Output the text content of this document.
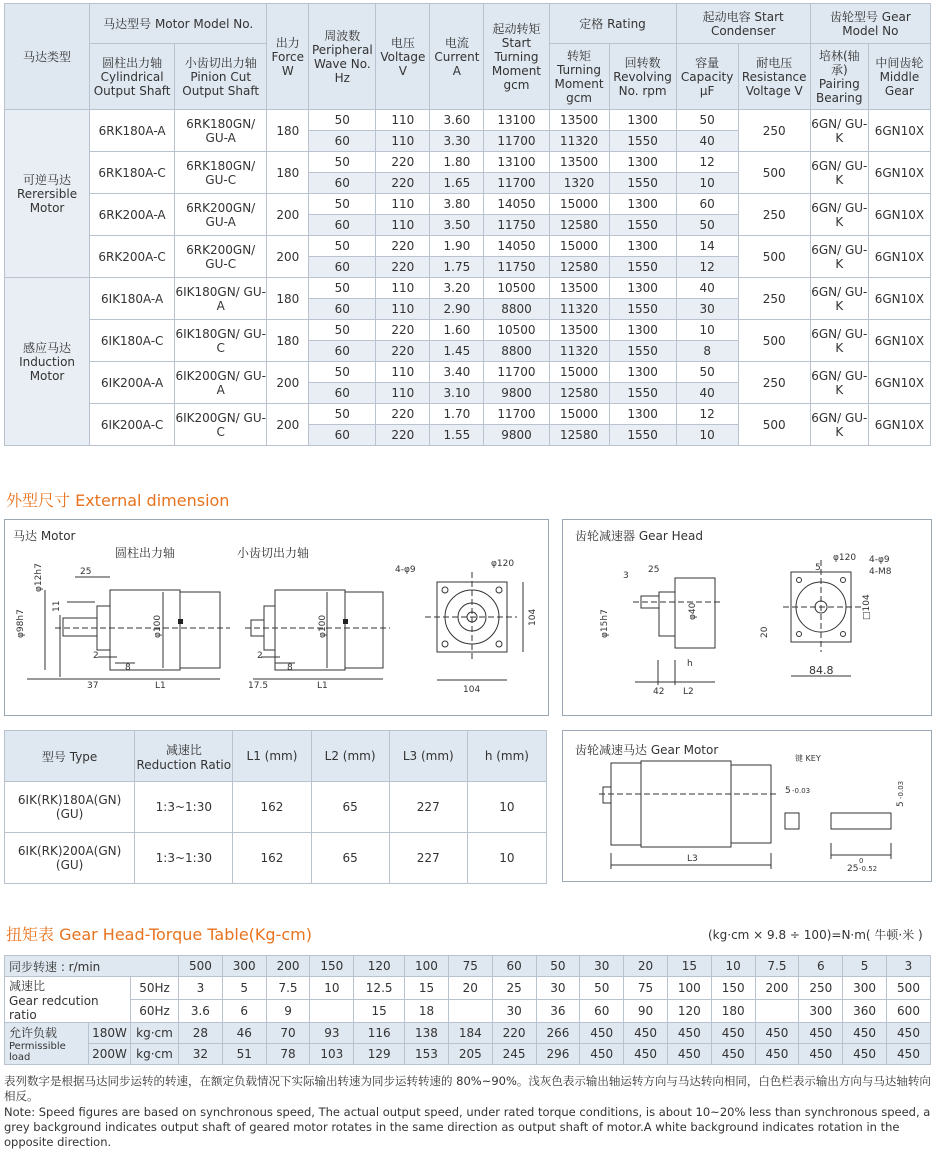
马达类型	马达型号 Motor Model No.		出力 Force W	周波数 Peripheral Wave No. Hz	电压 Voltage V	电流 Current A	起动转矩 Start Turning Moment gcm	定格 Rating		起动电容 Start Condenser		齿轮型号 Gear Model No	
	圆柱出力轴 Cylindrical Output Shaft	小齿切出力轴 Pinion Cut Output Shaft						转矩 Turning Moment gcm	回转数 Revolving No. rpm	容量 Capacity μF	耐电压 Resistance Voltage V	培林(轴承) Pairing Bearing	中间齿轮 Middle Gear
可逆马达 Rerersible Motor	6RK180A-A	6RK180GN/ GU-A	180	50	110	3.60	13100	13500	1300	50	250	6GN/ GU-K	6GN10X
				60	110	3.30	11700	11320	1550	40			
	6RK180A-C	6RK180GN/ GU-C	180	50	220	1.80	13100	13500	1300	12	500	6GN/ GU-K	6GN10X
				60	220	1.65	11700	1320	1550	10			
	6RK200A-A	6RK200GN/ GU-A	200	50	110	3.80	14050	15000	1300	60	250	6GN/ GU-K	6GN10X
				60	110	3.50	11750	12580	1550	50			
	6RK200A-C	6RK200GN/ GU-C	200	50	220	1.90	14050	15000	1300	14	500	6GN/ GU-K	6GN10X
				60	220	1.75	11750	12580	1550	12			
感应马达 Induction Motor	6IK180A-A	6IK180GN/ GU-A	180	50	110	3.20	10500	13500	1300	40	250	6GN/ GU-K	6GN10X
				60	110	2.90	8800	11320	1550	30			
	6IK180A-C	6IK180GN/ GU-C	180	50	220	1.60	10500	13500	1300	10	500	6GN/ GU-K	6GN10X
				60	220	1.45	8800	11320	1550	8			
	6IK200A-A	6IK200GN/ GU-A	200	50	110	3.40	11700	15000	1300	50	250	6GN/ GU-K	6GN10X
				60	110	3.10	9800	12580	1550	40			
	6IK200A-C	6IK200GN/ GU-C	200	50	220	1.70	11700	15000	1300	12	500	6GN/ GU-K	6GN10X
				60	220	1.55	9800	12580	1550	10			
外型尺寸 External dimension
马达 Motor
圆柱出力轴	小齿切出力轴
φ12h7
φ98h7
25
11
φ100	φ100
2
8
2
8
37	L1	17.5	L1
4-φ9
φ120
104
104
齿轮减速器 Gear Head
3
25
φ15h7	φ40
h
42 L2
φ120
5
4-φ9
4-M8
□104
20
84.8
型号 Type	减速比 Reduction Ratio	L1 (mm)	L2 (mm)	L3 (mm)	h (mm)
6IK(RK)180A(GN)(GU)	1:3~1:30	162	65	227	10
6IK(RK)200A(GN)(GU)	1:3~1:30	162	65	227	10
齿轮减速马达 Gear Motor
键 KEY
L3
5 -0.03
5
-0.03
25 -0.52
0
扭矩表 Gear Head-Torque Table(Kg-cm)	(kg·cm × 9.8 ÷ 100)=N·m( 牛顿·米 )
同步转速 : r/min			500	300	200	150	120	100	75	60	50	30	20	15	10	7.5	6	5	3

减速比
Gear redcution ratio		50Hz	3	5	7.5	10	12.5	15	20	25	30	50	75	100	150	200	250	300	500
		60Hz	3.6	6	9		15	18		30	36	60	90	120	180		300	360	600

允许负载
Permissible load	180W	kg·cm	28	46	70	93	116	138	184	220	266	450	450	450	450	450	450	450	450
	200W	kg·cm	32	51	78	103	129	153	205	245	296	450	450	450	450	450	450	450	450
表列数字是根据马达同步运转的转速，在额定负载情况下实际输出转速为同步运转转速的 80%~90%。浅灰色表示输出轴运转方向与马达转向相同，白色栏表示输出方向与马达轴转向相反。
Note: Speed figures are based on synchronous speed, The actual output speed, under rated torque conditions, is about 10~20% less than synchronous speed, a grey background indicates output shaft of geared motor rotates in the same direction as output shaft of motor.A white background indicates rotation in the opposite direction.
